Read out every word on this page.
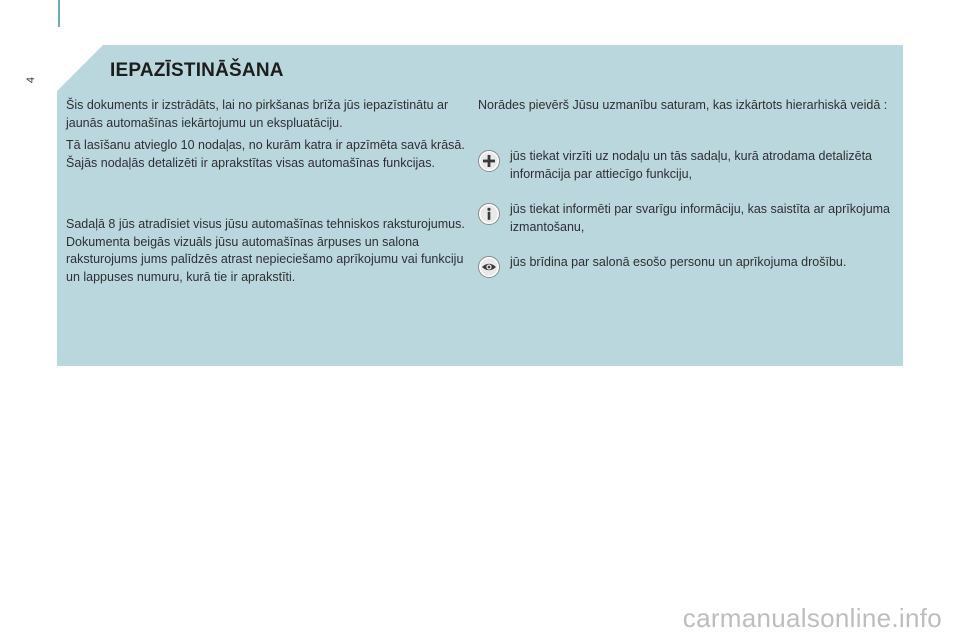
4	IEPAZĪSTINĀŠANA

Šis dokuments ir izstrādāts, lai no pirkšanas brīža jūs iepazīstinātu ar jaunās automašīnas iekārtojumu un ekspluatāciju.

Tā lasīšanu atvieglo 10 nodaļas, no kurām katra ir apzīmēta savā krāsā. Šajās nodaļās detalizēti ir aprakstītas visas automašīnas funkcijas.

Sadaļā 8 jūs atradīsiet visus jūsu automašīnas tehniskos raksturojumus. Dokumenta beigās vizuāls jūsu automašīnas ārpuses un salona raksturojums jums palīdzēs atrast nepieciešamo aprīkojumu vai funkciju un lappuses numuru, kurā tie ir aprakstīti.

Norādes pievērš Jūsu uzmanību saturam, kas izkārtots hierarhiskā veidā :

jūs tiekat virzīti uz nodaļu un tās sadaļu, kurā atrodama detalizēta informācija par attiecīgo funkciju,
jūs tiekat informēti par svarīgu informāciju, kas saistīta ar aprīkojuma izmantošanu,
jūs brīdina par salonā esošo personu un aprīkojuma drošību.
carmanualsonline.info
